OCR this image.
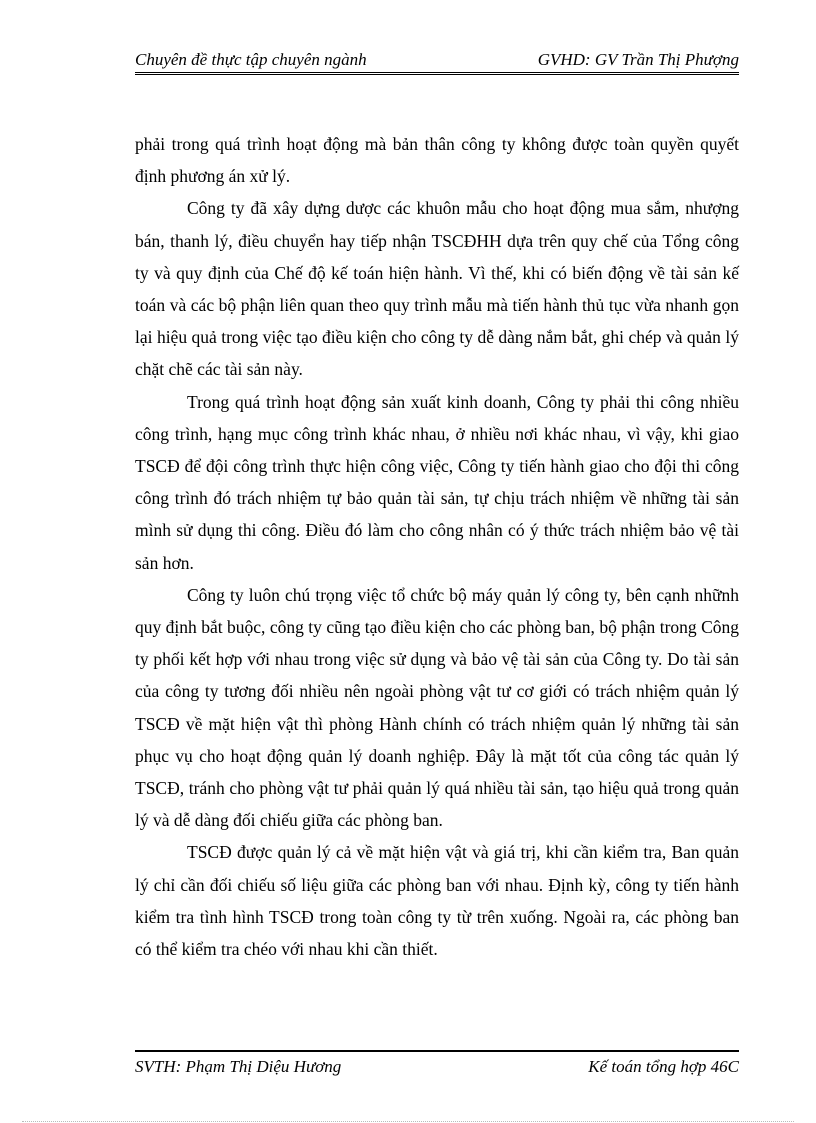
Chuyên đề thực tập chuyên ngành	GVHD: GV Trần Thị Phượng

phải trong quá trình hoạt động mà bản thân công ty không được toàn quyền quyết định phương án xử lý.

Công ty đã xây dựng dược các khuôn mẫu cho hoạt động mua sắm, nhượng bán, thanh lý, điều chuyển hay tiếp nhận TSCĐHH dựa trên quy chế của Tổng công ty và quy định của Chế độ kế toán hiện hành. Vì thế, khi có biến động về tài sản kế toán và các bộ phận liên quan theo quy trình mẫu mà tiến hành thủ tục vừa nhanh gọn lại hiệu quả trong việc tạo điều kiện cho công ty dễ dàng nắm bắt, ghi chép và quản lý chặt chẽ các tài sản này.

Trong quá trình hoạt động sản xuất kinh doanh, Công ty phải thi công nhiều công trình, hạng mục công trình khác nhau, ở nhiều nơi khác nhau, vì vậy, khi giao TSCĐ để đội công trình thực hiện công việc, Công ty tiến hành giao cho đội thi công công trình đó trách nhiệm tự bảo quản tài sản, tự chịu trách nhiệm về những tài sản mình sử dụng thi công. Điều đó làm cho công nhân có ý thức trách nhiệm bảo vệ tài sản hơn.

Công ty luôn chú trọng việc tổ chức bộ máy quản lý công ty, bên cạnh nhữnh quy định bắt buộc, công ty cũng tạo điều kiện cho các phòng ban, bộ phận trong Công ty phối kết hợp với nhau trong việc sử dụng và bảo vệ tài sản của Công ty. Do tài sản của công ty tương đối nhiều nên ngoài phòng vật tư cơ giới có trách nhiệm quản lý TSCĐ về mặt hiện vật thì phòng Hành chính có trách nhiệm quản lý những tài sản phục vụ cho hoạt động quản lý doanh nghiệp. Đây là mặt tốt của công tác quản lý TSCĐ, tránh cho phòng vật tư phải quản lý quá nhiều tài sản, tạo hiệu quả trong quản lý và dễ dàng đối chiếu giữa các phòng ban.

TSCĐ được quản lý cả về mặt hiện vật và giá trị, khi cần kiểm tra, Ban quản lý chỉ cần đối chiếu số liệu giữa các phòng ban với nhau. Định kỳ, công ty tiến hành kiểm tra tình hình TSCĐ trong toàn công ty từ trên xuống. Ngoài ra, các phòng ban có thể kiểm tra chéo với nhau khi cần thiết.

SVTH: Phạm Thị Diệu Hương	Kế toán tổng hợp 46C
